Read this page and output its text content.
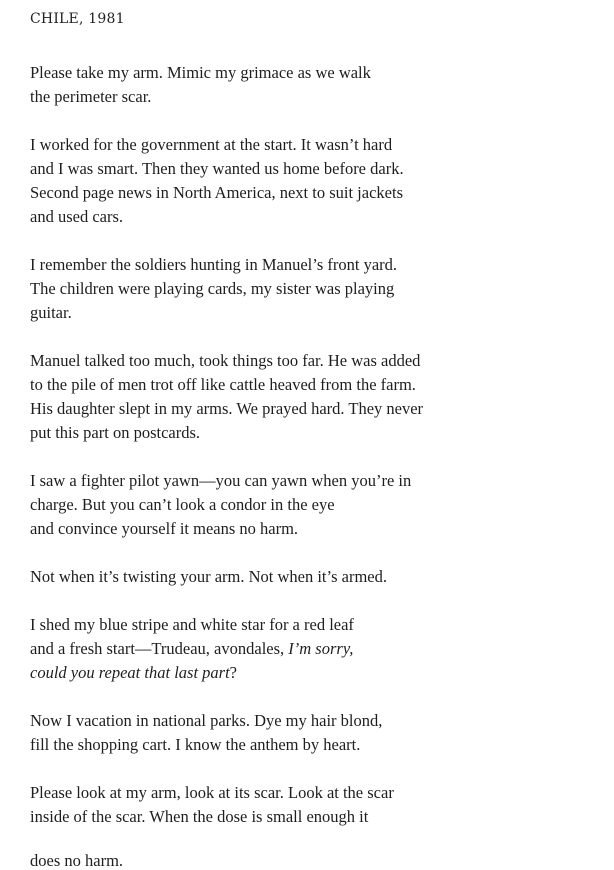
CHILE, 1981
Please take my arm. Mimic my grimace as we walk
the perimeter scar.
I worked for the government at the start. It wasn’t hard
and I was smart. Then they wanted us home before dark.
Second page news in North America, next to suit jackets
and used cars.
I remember the soldiers hunting in Manuel’s front yard.
The children were playing cards, my sister was playing
guitar.
Manuel talked too much, took things too far. He was added
to the pile of men trot off like cattle heaved from the farm.
His daughter slept in my arms. We prayed hard. They never
put this part on postcards.
I saw a fighter pilot yawn—you can yawn when you’re in
charge. But you can’t look a condor in the eye
and convince yourself it means no harm.
Not when it’s twisting your arm. Not when it’s armed.
I shed my blue stripe and white star for a red leaf
and a fresh start—Trudeau, avondales, I’m sorry,
could you repeat that last part?
Now I vacation in national parks. Dye my hair blond,
fill the shopping cart. I know the anthem by heart.
Please look at my arm, look at its scar. Look at the scar
inside of the scar. When the dose is small enough it
does no harm.
